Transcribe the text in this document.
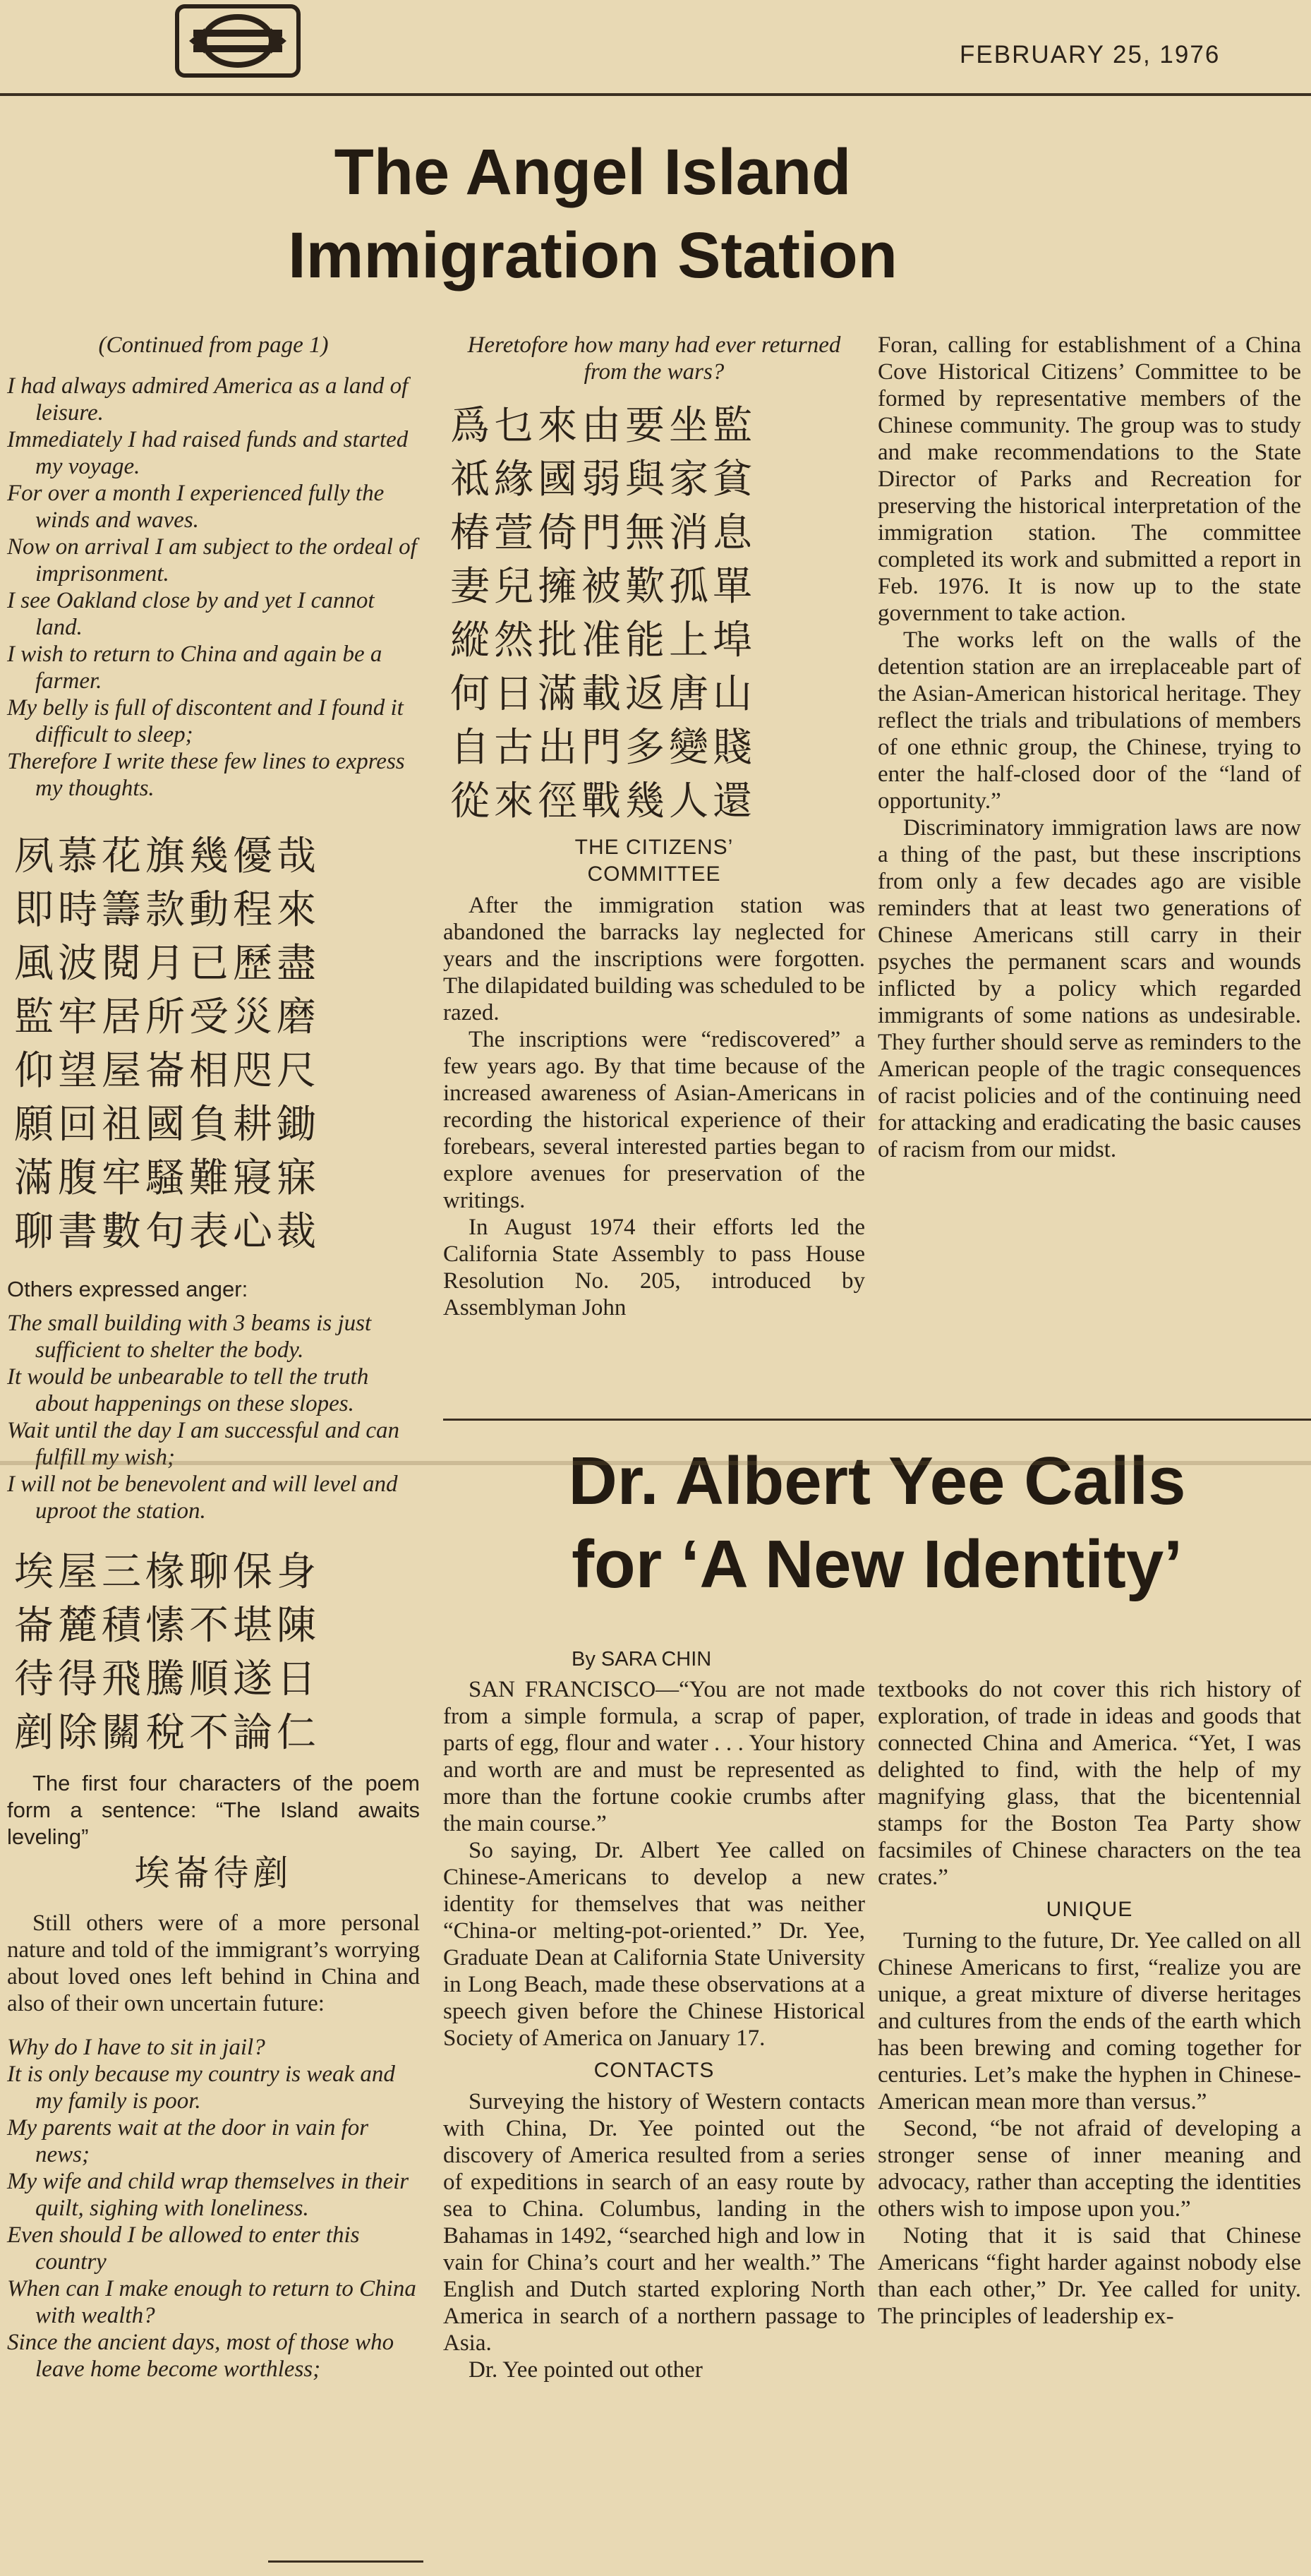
FEBRUARY 25, 1976
The Angel Island
Immigration Station

(Continued from page 1)

I had always admired America as a land of leisure.

Immediately I had raised funds and started my voyage.

For over a month I experienced fully the winds and waves.

Now on arrival I am subject to the ordeal of imprisonment.

I see Oakland close by and yet I cannot land.

I wish to return to China and again be a farmer.

My belly is full of discontent and I found it difficult to sleep;

Therefore I write these few lines to express my thoughts.

夙慕花旗幾優哉
即時籌款動程來
風波閱月已歷盡
監牢居所受災磨
仰望屋崙相咫尺
願回祖國負耕鋤
滿腹牢騷難寢寐
聊書數句表心裁

Others expressed anger:

The small building with 3 beams is just sufficient to shelter the body.

It would be unbearable to tell the truth about happenings on these slopes.

Wait until the day I am successful and can fulfill my wish;

I will not be benevolent and will level and uproot the station.

埃屋三椽聊保身
崙麓積愫不堪陳
待得飛騰順遂日
剷除關稅不論仁

The first four characters of the poem form a sentence: “The Island awaits leveling”

埃崙待剷

Still others were of a more personal nature and told of the immigrant’s worrying about loved ones left behind in China and also of their own uncertain future:

Why do I have to sit in jail?

It is only because my country is weak and my family is poor.

My parents wait at the door in vain for news;

My wife and child wrap themselves in their quilt, sighing with loneliness.

Even should I be allowed to enter this country

When can I make enough to return to China with wealth?

Since the ancient days, most of those who leave home become worthless;

Heretofore how many had ever returned from the wars?

爲乜來由要坐監
祗緣國弱與家貧
椿萱倚門無消息
妻兒擁被歎孤單
縱然批准能上埠
何日滿載返唐山
自古出門多變賤
從來徑戰幾人還
THE CITIZENS’ COMMITTEE

After the immigration station was abandoned the barracks lay neglected for years and the inscriptions were forgotten. The dilapidated building was scheduled to be razed.

The inscriptions were “rediscovered” a few years ago. By that time because of the increased awareness of Asian-Americans in recording the historical experience of their forebears, several interested parties began to explore avenues for preservation of the writings.

In August 1974 their efforts led the California State Assembly to pass House Resolution No. 205, introduced by Assemblyman John

Foran, calling for establishment of a China Cove Historical Citizens’ Committee to be formed by representative members of the Chinese community. The group was to study and make recommendations to the State Director of Parks and Recreation for preserving the historical interpretation of the immigration station. The committee completed its work and submitted a report in Feb. 1976. It is now up to the state government to take action.

The works left on the walls of the detention station are an irreplaceable part of the Asian-American historical heritage. They reflect the trials and tribulations of members of one ethnic group, the Chinese, trying to enter the half-closed door of the “land of opportunity.”

Discriminatory immigration laws are now a thing of the past, but these inscriptions from only a few decades ago are visible reminders that at least two generations of Chinese Americans still carry in their psyches the permanent scars and wounds inflicted by a policy which regarded immigrants of some nations as undesirable. They further should serve as reminders to the American people of the tragic consequences of racist policies and of the continuing need for attacking and eradicating the basic causes of racism from our midst.

Dr. Albert Yee Calls
for ‘A New Identity’
By SARA CHIN

SAN FRANCISCO—“You are not made from a simple formula, a scrap of paper, parts of egg, flour and water . . . Your history and worth are and must be represented as more than the fortune cookie crumbs after the main course.”

So saying, Dr. Albert Yee called on Chinese-Americans to develop a new identity for themselves that was neither “China-or melting-pot-oriented.” Dr. Yee, Graduate Dean at California State University in Long Beach, made these observations at a speech given before the Chinese Historical Society of America on January 17.

CONTACTS

Surveying the history of Western contacts with China, Dr. Yee pointed out the discovery of America resulted from a series of expeditions in search of an easy route by sea to China. Columbus, landing in the Bahamas in 1492, “searched high and low in vain for China’s court and her wealth.” The English and Dutch started exploring North America in search of a northern passage to Asia.

Dr. Yee pointed out other

textbooks do not cover this rich history of exploration, of trade in ideas and goods that connected China and America. “Yet, I was delighted to find, with the help of my magnifying glass, that the bicentennial stamps for the Boston Tea Party show facsimiles of Chinese characters on the tea crates.”

UNIQUE

Turning to the future, Dr. Yee called on all Chinese Americans to first, “realize you are unique, a great mixture of diverse heritages and cultures from the ends of the earth which has been brewing and coming together for centuries. Let’s make the hyphen in Chinese-American mean more than versus.”

Second, “be not afraid of developing a stronger sense of inner meaning and advocacy, rather than accepting the identities others wish to impose upon you.”

Noting that it is said that Chinese Americans “fight harder against nobody else than each other,” Dr. Yee called for unity. The principles of leadership ex-
